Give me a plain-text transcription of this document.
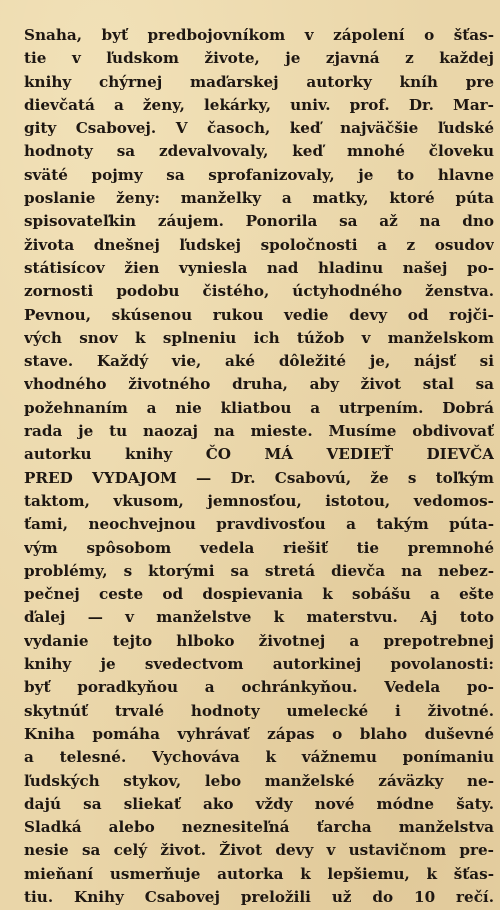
Snaha, byť predbojovníkom v zápolení o šťas-
tie v ľudskom živote, je zjavná z každej
knihy chýrnej maďarskej autorky kníh pre
dievčatá a ženy, lekárky, univ. prof. Dr. Mar-
gity Csabovej. V časoch, keď najväčšie ľudské
hodnoty sa zdevalvovaly, keď mnohé človeku
sväté pojmy sa sprofanizovaly, je to hlavne
poslanie ženy: manželky a matky, ktoré púta
spisovateľkin záujem. Ponorila sa až na dno
života dnešnej ľudskej spoločnosti a z osudov
státisícov žien vyniesla nad hladinu našej po-
zornosti podobu čistého, úctyhodného ženstva.
Pevnou, skúsenou rukou vedie devy od rojči-
vých snov k splneniu ich túžob v manželskom
stave. Každý vie, aké dôležité je, nájsť si
vhodného životného druha, aby život stal sa
požehnaním a nie kliatbou a utrpením. Dobrá
rada je tu naozaj na mieste. Musíme obdivovať
autorku knihy ČO MÁ VEDIEŤ DIEVČA
PRED VYDAJOM — Dr. Csabovú, že s toľkým
taktom, vkusom, jemnosťou, istotou, vedomos-
ťami, neochvejnou pravdivosťou a takým púta-
vým spôsobom vedela riešiť tie premnohé
problémy, s ktorými sa stretá dievča na nebez-
pečnej ceste od dospievania k sobášu a ešte
ďalej — v manželstve k materstvu. Aj toto
vydanie tejto hlboko životnej a prepotrebnej
knihy je svedectvom autorkinej povolanosti:
byť poradkyňou a ochránkyňou. Vedela po-
skytnúť trvalé hodnoty umelecké i životné.
Kniha pomáha vyhrávať zápas o blaho duševné
a telesné. Vychováva k vážnemu ponímaniu
ľudských stykov, lebo manželské záväzky ne-
dajú sa sliekať ako vždy nové módne šaty.
Sladká alebo neznesiteľná ťarcha manželstva
nesie sa celý život. Život devy v ustavičnom pre-
mieňaní usmerňuje autorka k lepšiemu, k šťas-
tiu. Knihy Csabovej preložili už do 10 rečí.
